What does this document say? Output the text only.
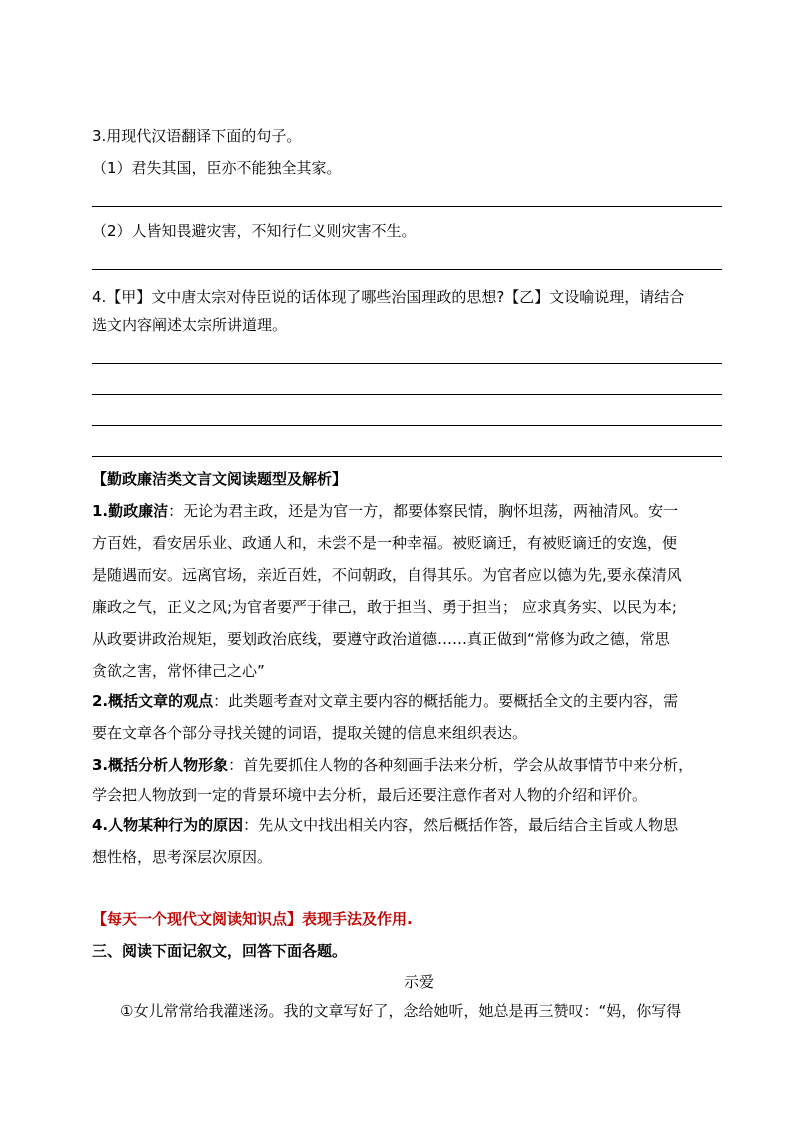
3.用现代汉语翻译下面的句子。
（1）君失其国，臣亦不能独全其家。
（2）人皆知畏避灾害，不知行仁义则灾害不生。
4.【甲】文中唐太宗对侍臣说的话体现了哪些治国理政的思想?【乙】文设喻说理，请结合
选文内容阐述太宗所讲道理。
【勤政廉洁类文言文阅读题型及解析】
1.勤政廉洁：无论为君主政，还是为官一方，都要体察民情，胸怀坦荡，两袖清风。安一
方百姓，看安居乐业、政通人和，未尝不是一种幸福。被贬谪迁，有被贬谪迁的安逸，便
是随遇而安。远离官场，亲近百姓，不问朝政，自得其乐。为官者应以德为先,要永葆清风
廉政之气，正义之风;为官者要严于律己，敢于担当、勇于担当； 应求真务实、以民为本;
从政要讲政治规矩，要划政治底线，要遵守政治道德……真正做到“常修为政之德，常思
贪欲之害，常怀律己之心”
2.概括文章的观点：此类题考查对文章主要内容的概括能力。要概括全文的主要内容，需
要在文章各个部分寻找关键的词语，提取关键的信息来组织表达。
3.概括分析人物形象：首先要抓住人物的各种刻画手法来分析，学会从故事情节中来分析，
学会把人物放到一定的背景环境中去分析，最后还要注意作者对人物的介绍和评价。
4.人物某种行为的原因：先从文中找出相关内容，然后概括作答，最后结合主旨或人物思
想性格，思考深层次原因。
【每天一个现代文阅读知识点】表现手法及作用.
三、阅读下面记叙文，回答下面各题。
示爱
①女儿常常给我灌迷汤。我的文章写好了，念给她听，她总是再三赞叹：“妈，你写得
